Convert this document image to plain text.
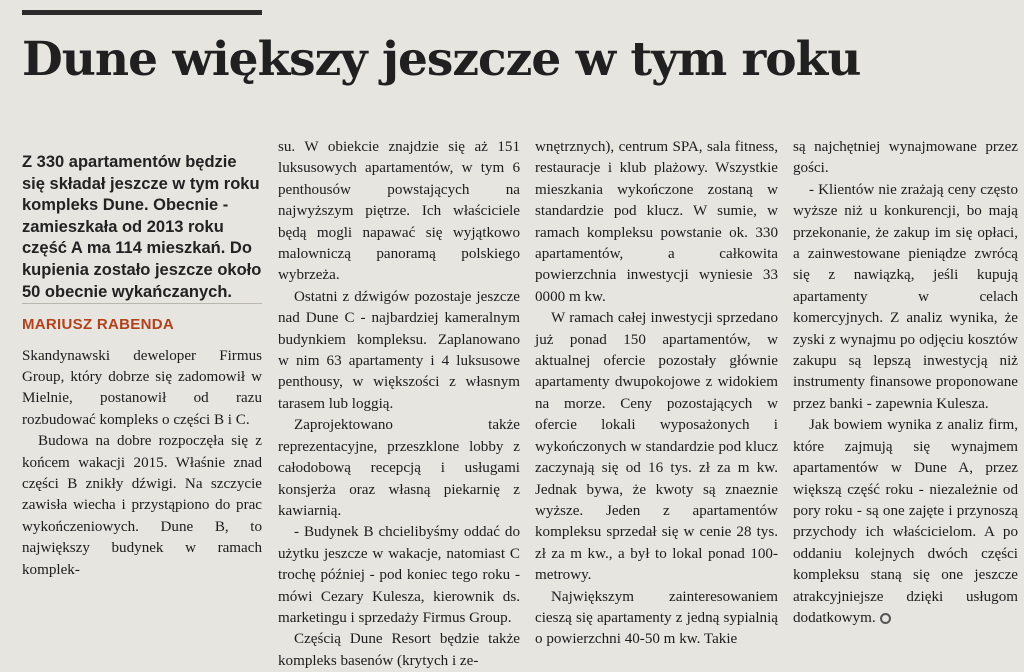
Dune większy jeszcze w tym roku

Z 330 apartamentów będzie się składał jeszcze w tym roku kompleks Dune. Obecnie - zamieszkała od 2013 roku część A ma 114 mieszkań. Do kupienia zostało jeszcze około 50 obecnie wykańczanych.

MARIUSZ RABENDA

Skandynawski deweloper Firmus Group, który dobrze się zadomowił w Mielnie, postanowił od razu rozbudować kompleks o części B i C.

Budowa na dobre rozpoczęła się z końcem wakacji 2015. Właśnie znad części B znikły dźwigi. Na szczycie zawisła wiecha i przystąpiono do prac wykończeniowych. Dune B, to największy budynek w ramach komplek-

su. W obiekcie znajdzie się aż 151 luksusowych apartamentów, w tym 6 penthousów powstających na najwyższym piętrze. Ich właściciele będą mogli napawać się wyjątkowo malowniczą panoramą polskiego wybrzeża.

Ostatni z dźwigów pozostaje jeszcze nad Dune C - najbardziej kameralnym budynkiem kompleksu. Zaplanowano w nim 63 apartamenty i 4 luksusowe penthousy, w większości z własnym tarasem lub loggią.

Zaprojektowano także reprezentacyjne, przeszklone lobby z całodobową recepcją i usługami konsjerża oraz własną piekarnię z kawiarnią.

- Budynek B chcielibyśmy oddać do użytku jeszcze w wakacje, natomiast C trochę później - pod koniec tego roku - mówi Cezary Kulesza, kierownik ds. marketingu i sprzedaży Firmus Group.

Częścią Dune Resort będzie także kompleks basenów (krytych i ze-

wnętrznych), centrum SPA, sala fitness, restauracje i klub plażowy. Wszystkie mieszkania wykończone zostaną w standardzie pod klucz. W sumie, w ramach kompleksu powstanie ok. 330 apartamentów, a całkowita powierzchnia inwestycji wyniesie 33 0000 m kw.

W ramach całej inwestycji sprzedano już ponad 150 apartamentów, w aktualnej ofercie pozostały głównie apartamenty dwupokojowe z widokiem na morze. Ceny pozostających w ofercie lokali wyposażonych i wykończonych w standardzie pod klucz zaczynają się od 16 tys. zł za m kw. Jednak bywa, że kwoty są znaeznie wyższe. Jeden z apartamentów kompleksu sprzedał się w cenie 28 tys. zł za m kw., a był to lokal ponad 100-metrowy.

Największym zainteresowaniem cieszą się apartamenty z jedną sypialnią o powierzchni 40-50 m kw. Takie

są najchętniej wynajmowane przez gości.

- Klientów nie zrażają ceny często wyższe niż u konkurencji, bo mają przekonanie, że zakup im się opłaci, a zainwestowane pieniądze zwrócą się z nawiązką, jeśli kupują apartamenty w celach komercyjnych. Z analiz wynika, że zyski z wynajmu po odjęciu kosztów zakupu są lepszą inwestycją niż instrumenty finansowe proponowane przez banki - zapewnia Kulesza.

Jak bowiem wynika z analiz firm, które zajmują się wynajmem apartamentów w Dune A, przez większą część roku - niezależnie od pory roku - są one zajęte i przynoszą przychody ich właścicielom. A po oddaniu kolejnych dwóch części kompleksu staną się one jeszcze atrakcyjniejsze dzięki usługom dodatkowym.
